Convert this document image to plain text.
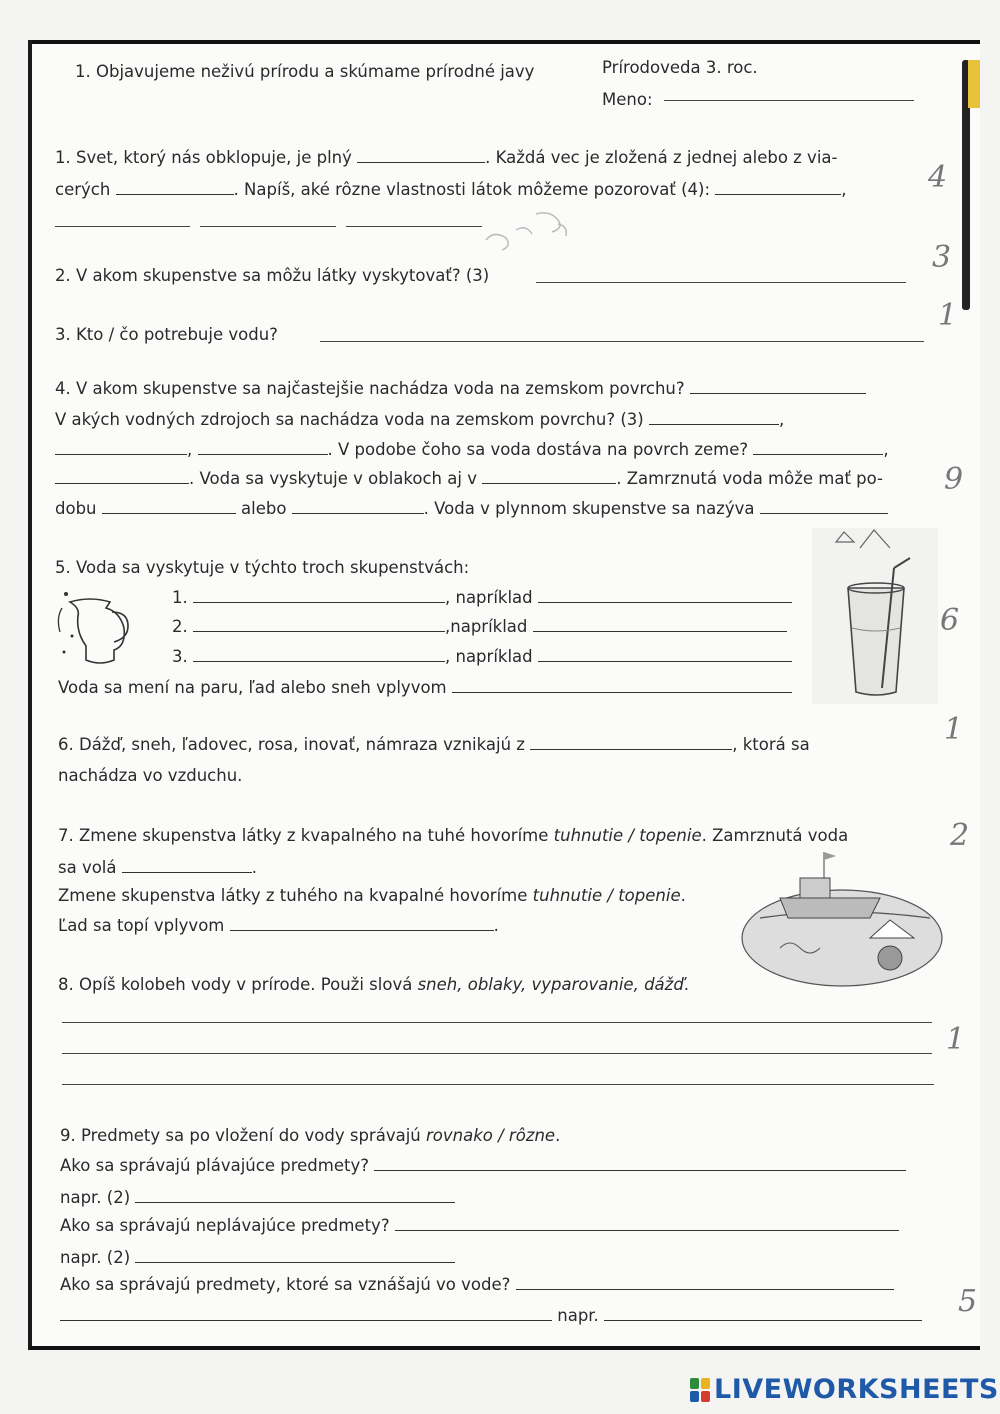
1. Objavujeme neživú prírodu a skúmame prírodné javy	Prírodoveda 3. roc.
Meno:
1. Svet, ktorý nás obklopuje, je plný	. Každá vec je zložená z jednej alebo z via-
cerých	. Napíš, aké rôzne vlastnosti látok môžeme pozorovať (4):	,	4
2. V akom skupenstve sa môžu látky vyskytovať? (3)
3
3. Kto / čo potrebuje vodu?
1
4. V akom skupenstve sa najčastejšie nachádza voda na zemskom povrchu?
V akých vodných zdrojoch sa nachádza voda na zemskom povrchu? (3)	,
,	. V podobe čoho sa voda dostáva na povrch zeme?	,
. Voda sa vyskytuje v oblakoch aj v	. Zamrznutá voda môže mať po-
dobu	alebo	. Voda v plynnom skupenstve sa nazýva
9
5. Voda sa vyskytuje v týchto troch skupenstvách:
1.	, napríklad
2.	,napríklad
3.	, napríklad
Voda sa mení na paru, ľad alebo sneh vplyvom
6
6. Dážď, sneh, ľadovec, rosa, inovať, námraza vznikajú z	, ktorá sa
nachádza vo vzduchu.
1
7. Zmene skupenstva látky z kvapalného na tuhé hovoríme tuhnutie / topenie. Zamrznutá voda
sa volá	.
Zmene skupenstva látky z tuhého na kvapalné hovoríme tuhnutie / topenie.
Ľad sa topí vplyvom	.
2
8. Opíš kolobeh vody v prírode. Použi slová sneh, oblaky, vyparovanie, dážď.
1
9. Predmety sa po vložení do vody správajú rovnako / rôzne.
Ako sa správajú plávajúce predmety?
napr. (2)
Ako sa správajú neplávajúce predmety?
napr. (2)
Ako sa správajú predmety, ktoré sa vznášajú vo vode?
napr.	5
LIVEWORKSHEETS
